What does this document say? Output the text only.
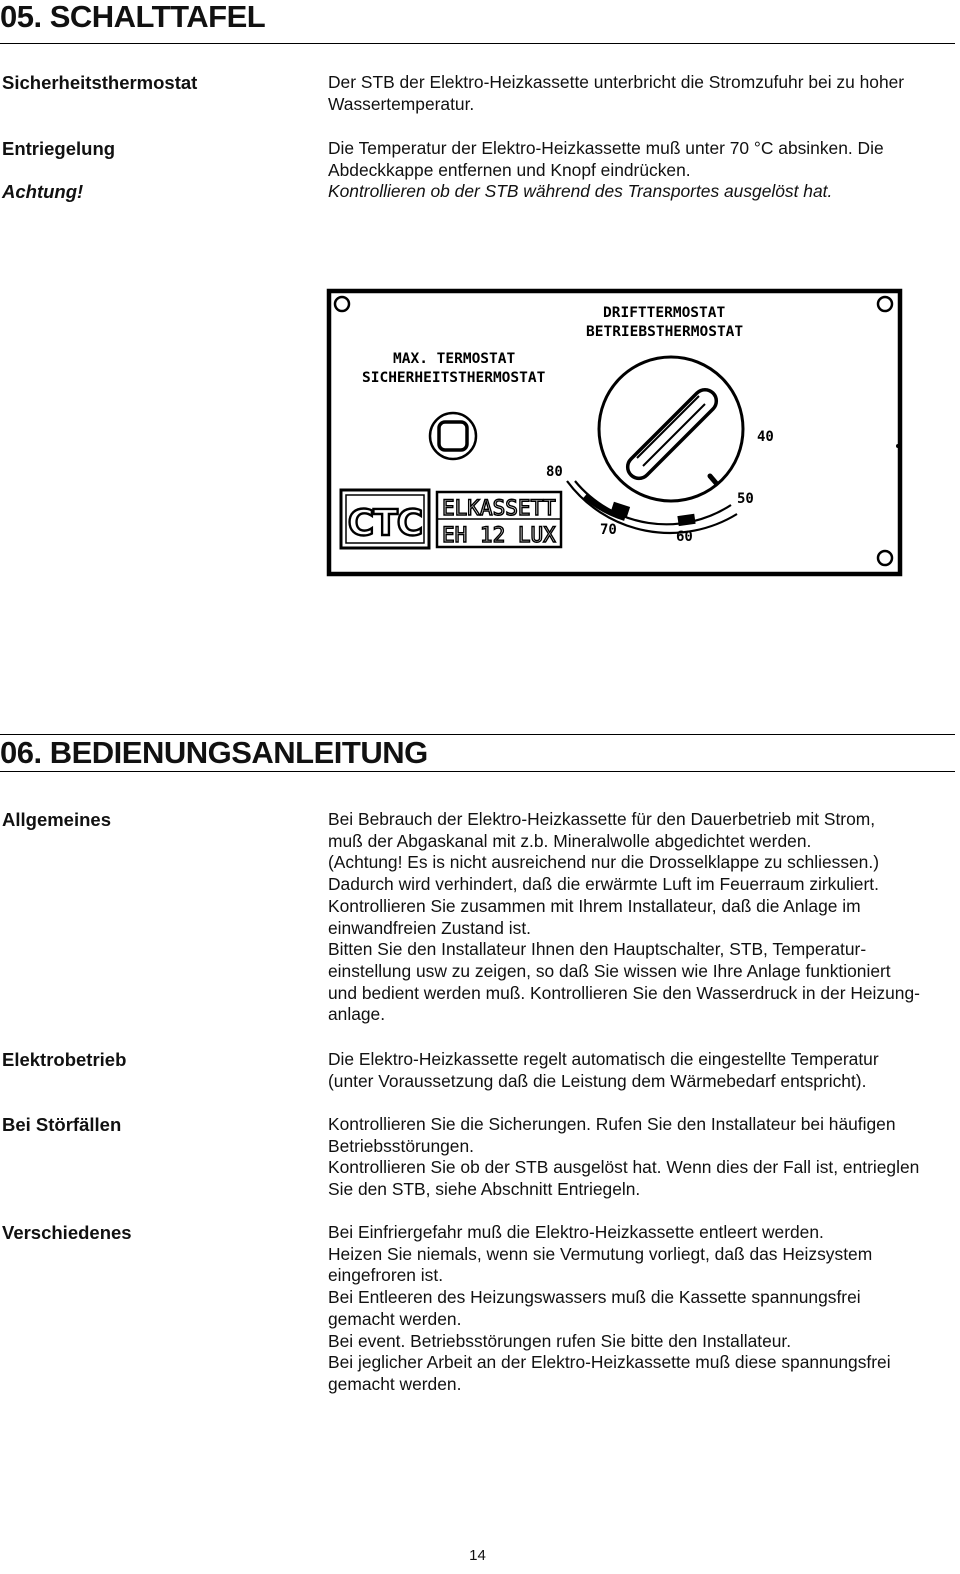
05. SCHALTTAFEL
Sicherheitsthermostat	Der STB der Elektro-Heizkassette unterbricht die Stromzufuhr bei zu hoher
Wassertemperatur.

Entriegelung	Die Temperatur der Elektro-Heizkassette muß unter 70 °C absinken. Die
Abdeckkappe entfernen und Knopf eindrücken.

Achtung!	Kontrollieren ob der STB während des Transportes ausgelöst hat.

DRIFTTERMOSTAT
BETRIEBSTHERMOSTAT
MAX. TERMOSTAT
SICHERHEITSTHERMOSTAT
40
50
60
70
80
CTC ELKASSETT
EH 12 LUX
06. BEDIENUNGSANLEITUNG
Allgemeines	Bei Bebrauch der Elektro-Heizkassette für den Dauerbetrieb mit Strom,
muß der Abgaskanal mit z.b. Mineralwolle abgedichtet werden.
(Achtung! Es is nicht ausreichend nur die Drosselklappe zu schliessen.)
Dadurch wird verhindert, daß die erwärmte Luft im Feuerraum zirkuliert.
Kontrollieren Sie zusammen mit Ihrem Installateur, daß die Anlage im
einwandfreien Zustand ist.
Bitten Sie den Installateur Ihnen den Hauptschalter, STB, Temperatur-
einstellung usw zu zeigen, so daß Sie wissen wie Ihre Anlage funktioniert
und bedient werden muß. Kontrollieren Sie den Wasserdruck in der Heizung-
anlage.

Elektrobetrieb	Die Elektro-Heizkassette regelt automatisch die eingestellte Temperatur
(unter Voraussetzung daß die Leistung dem Wärmebedarf entspricht).

Bei Störfällen	Kontrollieren Sie die Sicherungen. Rufen Sie den Installateur bei häufigen
Betriebsstörungen.
Kontrollieren Sie ob der STB ausgelöst hat. Wenn dies der Fall ist, entrieglen
Sie den STB, siehe Abschnitt Entriegeln.

Verschiedenes	Bei Einfriergefahr muß die Elektro-Heizkassette entleert werden.
Heizen Sie niemals, wenn sie Vermutung vorliegt, daß das Heizsystem
eingefroren ist.
Bei Entleeren des Heizungswassers muß die Kassette spannungsfrei
gemacht werden.
Bei event. Betriebsstörungen rufen Sie bitte den Installateur.
Bei jeglicher Arbeit an der Elektro-Heizkassette muß diese spannungsfrei
gemacht werden.

14
